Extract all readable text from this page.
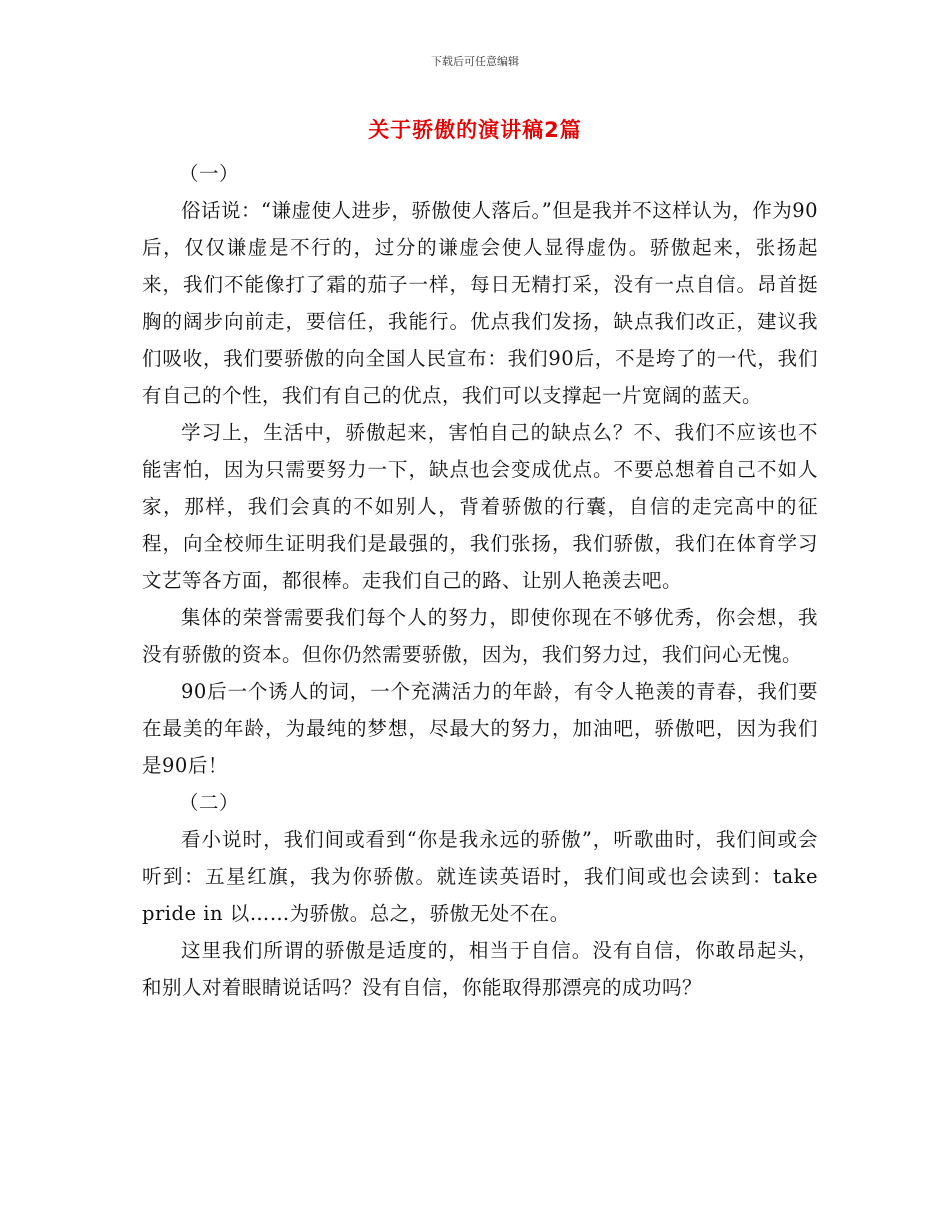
下载后可任意编辑
关于骄傲的演讲稿2篇

（一）

俗话说：“谦虚使人进步，骄傲使人落后。”但是我并不这样认为，作为90后，仅仅谦虚是不行的，过分的谦虚会使人显得虚伪。骄傲起来，张扬起来，我们不能像打了霜的茄子一样，每日无精打采，没有一点自信。昂首挺胸的阔步向前走，要信任，我能行。优点我们发扬，缺点我们改正，建议我们吸收，我们要骄傲的向全国人民宣布：我们90后，不是垮了的一代，我们有自己的个性，我们有自己的优点，我们可以支撑起一片宽阔的蓝天。

学习上，生活中，骄傲起来，害怕自己的缺点么？不、我们不应该也不能害怕，因为只需要努力一下，缺点也会变成优点。不要总想着自己不如人家，那样，我们会真的不如别人，背着骄傲的行囊，自信的走完高中的征程，向全校师生证明我们是最强的，我们张扬，我们骄傲，我们在体育学习文艺等各方面，都很棒。走我们自己的路、让别人艳羡去吧。

集体的荣誉需要我们每个人的努力，即使你现在不够优秀，你会想，我没有骄傲的资本。但你仍然需要骄傲，因为，我们努力过，我们问心无愧。

90后一个诱人的词，一个充满活力的年龄，有令人艳羡的青春，我们要在最美的年龄，为最纯的梦想，尽最大的努力，加油吧，骄傲吧，因为我们是90后！

（二）

看小说时，我们间或看到“你是我永远的骄傲”，听歌曲时，我们间或会听到：五星红旗，我为你骄傲。就连读英语时，我们间或也会读到：take pride in 以……为骄傲。总之，骄傲无处不在。

这里我们所谓的骄傲是适度的，相当于自信。没有自信，你敢昂起头，和别人对着眼睛说话吗？没有自信，你能取得那漂亮的成功吗？
